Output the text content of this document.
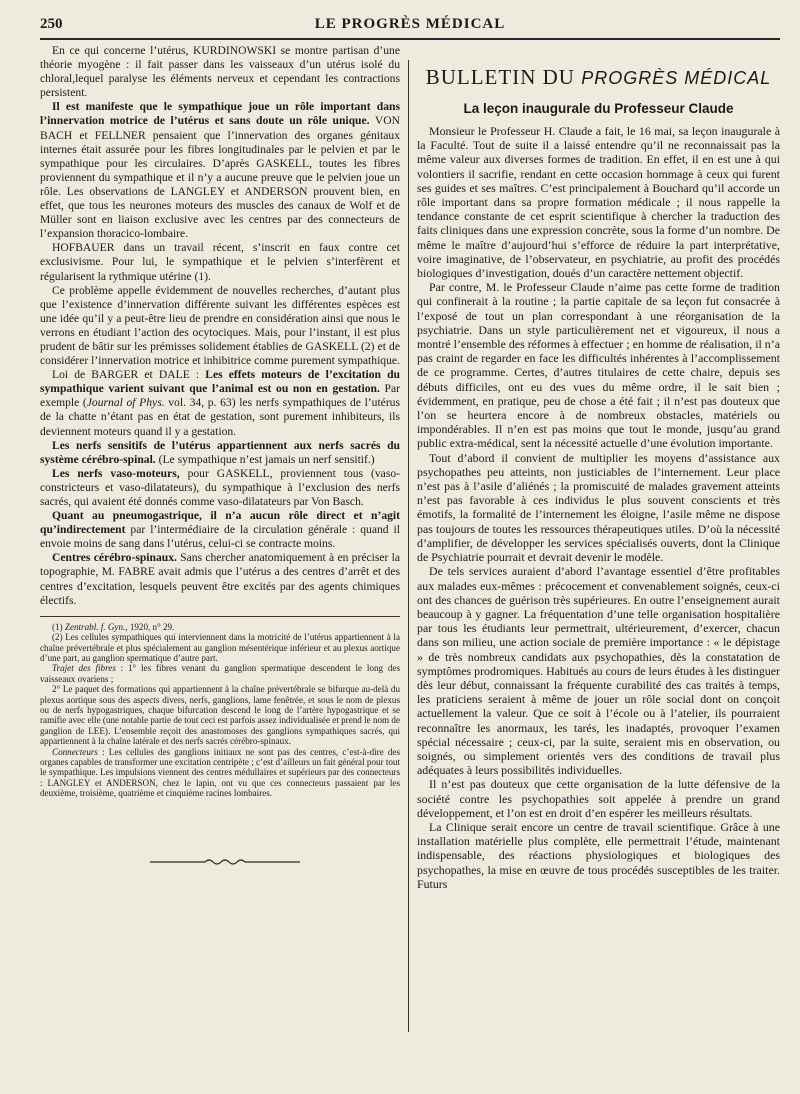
250	LE PROGRÈS MÉDICAL

En ce qui concerne l’utérus, KURDINOWSKI se montre partisan d’une théorie myogène : il fait passer dans les vaisseaux d’un utérus isolé du chloral,lequel paralyse les éléments nerveux et cependant les contractions persistent.

Il est manifeste que le sympathique joue un rôle important dans l’innervation motrice de l’utérus et sans doute un rôle unique. VON BACH et FELLNER pensaient que l’innervation des organes génitaux internes était assurée pour les fibres longitudinales par le pelvien et par le sympathique pour les circulaires. D’après GASKELL, toutes les fibres proviennent du sympathique et il n’y a aucune preuve que le pelvien joue un rôle. Les observations de LANGLEY et ANDERSON prouvent bien, en effet, que tous les neurones moteurs des muscles des canaux de Wolf et de Müller sont en liaison exclusive avec les centres par des connecteurs de l’expansion thoracico-lombaire.

HOFBAUER dans un travail récent, s’inscrit en faux contre cet exclusivisme. Pour lui, le sympathique et le pelvien s’interfèrent et régularisent la rythmique utérine (1).

Ce problème appelle évidemment de nouvelles recherches, d’autant plus que l’existence d’innervation différente suivant les différentes espèces est une idée qu’il y a peut-être lieu de prendre en considération ainsi que nous le verrons en étudiant l’action des ocytociques. Mais, pour l’instant, il est plus prudent de bâtir sur les prémisses solidement établies de GASKELL (2) et de considérer l’innervation motrice et inhibitrice comme purement sympathique.

Loi de BARGER et DALE : Les effets moteurs de l’excitation du sympathique varient suivant que l’animal est ou non en gestation. Par exemple (Journal of Phys. vol. 34, p. 63) les nerfs sympathiques de l’utérus de la chatte n’étant pas en état de gestation, sont purement inhibiteurs, ils deviennent moteurs quand il y a gestation.

Les nerfs sensitifs de l’utérus appartiennent aux nerfs sacrés du système cérébro-spinal. (Le sympathique n’est jamais un nerf sensitif.)

Les nerfs vaso-moteurs, pour GASKELL, proviennent tous (vaso-constricteurs et vaso-dilatateurs), du sympathique à l’exclusion des nerfs sacrés, qui avaient été donnés comme vaso-dilatateurs par Von Basch.

Quant au pneumogastrique, il n’a aucun rôle direct et n’agit qu’indirectement par l’intermédiaire de la circulation générale : quand il envoie moins de sang dans l’utérus, celui-ci se contracte moins.

Centres cérébro-spinaux. Sans chercher anatomiquement à en préciser la topographie, M. FABRE avait admis que l’utérus a des centres d’arrêt et des centres d’excitation, lesquels peuvent être excités par des agents chimiques électifs.

(1) Zentrabl. f. Gyn., 1920, n° 29.

(2) Les cellules sympathiques qui interviennent dans la motricité de l’utérus appartiennent à la chaîne prévertébrale et plus spécialement au ganglion mésentérique inférieur et au plexus aortique d’une part, au ganglion spermatique d’autre part.

Trajet des fibres : 1° les fibres venant du ganglion spermatique descendent le long des vaisseaux ovariens ;

2° Le paquet des formations qui appartiennent à la chaîne prévertébrale se bifurque au-delà du plexus aortique sous des aspects divers, nerfs, ganglions, lame fenêtrée, et sous le nom de plexus ou de nerfs hypogastriques, chaque bifurcation descend le long de l’artère hypogastrique et se ramifie avec elle (une notable partie de tout ceci est parfois assez individualisée et prend le nom de ganglion de LEE). L’ensemble reçoit des anastomoses des ganglions sympathiques sacrés, qui appartiennent à la chaîne latérale et des nerfs sacrés cérébro-spinaux.

Connecteurs : Les cellules des ganglions initiaux ne sont pas des centres, c’est-à-dire des organes capables de transformer une excitation centripète ; c’est d’ailleurs un fait général pour tout le sympathique. Les impulsions viennent des centres médullaires et supérieurs par des connecteurs : LANGLEY et ANDERSON, chez le lapin, ont vu que ces connecteurs passaient par les deuxième, troisième, quatrième et cinquième racines lombaires.

BULLETIN DU PROGRÈS MÉDICAL
La leçon inaugurale du Professeur Claude

Monsieur le Professeur H. Claude a fait, le 16 mai, sa leçon inaugurale à la Faculté. Tout de suite il a laissé entendre qu’il ne reconnaissait pas la même valeur aux diverses formes de tradition. En effet, il en est une à qui volontiers il sacrifie, rendant en cette occasion hommage à ceux qui furent ses guides et ses maîtres. C’est principalement à Bouchard qu’il accorde un rôle important dans sa propre formation médicale ; il nous rappelle la tendance constante de cet esprit scientifique à chercher la traduction des faits cliniques dans une expression concrète, sous la forme d’un nombre. De même le maître d’aujourd’hui s’efforce de réduire la part interprétative, voire imaginative, de l’observateur, en psychiatrie, au profit des procédés biologiques d’investigation, doués d’un caractère nettement objectif.

Par contre, M. le Professeur Claude n’aime pas cette forme de tradition qui confinerait à la routine ; la partie capitale de sa leçon fut consacrée à l’exposé de tout un plan correspondant à une réorganisation de la psychiatrie. Dans un style particulièrement net et vigoureux, il nous a montré l’ensemble des réformes à effectuer ; en homme de réalisation, il n’a pas craint de regarder en face les difficultés inhérentes à l’accomplissement de ce programme. Certes, d’autres titulaires de cette chaire, depuis ses débuts difficiles, ont eu des vues du même ordre, il le sait bien ; évidemment, en pratique, peu de chose a été fait ; il n’est pas douteux que l’on se heurtera encore à de nombreux obstacles, matériels ou impondérables. Il n’en est pas moins que tout le monde, jusqu’au grand public extra-médical, sent la nécessité actuelle d’une évolution importante.

Tout d’abord il convient de multiplier les moyens d’assistance aux psychopathes peu atteints, non justiciables de l’internement. Leur place n’est pas à l’asile d’aliénés ; la promiscuité de malades gravement atteints n’est pas favorable à ces individus le plus souvent conscients et très émotifs, la formalité de l’internement les éloigne, l’asile même ne dispose pas toujours de toutes les ressources thérapeutiques utiles. D’où la nécessité d’amplifier, de développer les services spécialisés ouverts, dont la Clinique de Psychiatrie pourrait et devrait devenir le modèle.

De tels services auraient d’abord l’avantage essentiel d’être profitables aux malades eux-mêmes : précocement et convenablement soignés, ceux-ci ont des chances de guérison très supérieures. En outre l’enseignement aurait beaucoup à y gagner. La fréquentation d’une telle organisation hospitalière par tous les étudiants leur permettrait, ultérieurement, d’exercer, chacun dans son milieu, une action sociale de première importance : « le dépistage » de très nombreux candidats aux psychopathies, dès la constatation de symptômes prodromiques. Habitués au cours de leurs études à les distinguer dès leur début, connaissant la fréquente curabilité des cas traités à temps, les praticiens seraient à même de jouer un rôle social dont on conçoit actuellement la valeur. Que ce soit à l’école ou à l’atelier, ils pourraient reconnaître les anormaux, les tarés, les inadaptés, provoquer l’examen spécial nécessaire ; ceux-ci, par la suite, seraient mis en observation, ou soignés, ou simplement orientés vers des conditions de travail plus adéquates à leurs possibilités individuelles.

Il n’est pas douteux que cette organisation de la lutte défensive de la société contre les psychopathies soit appelée à prendre un grand développement, et l’on est en droit d’en espérer les meilleurs résultats.

La Clinique serait encore un centre de travail scientifique. Grâce à une installation matérielle plus complète, elle permettrait l’étude, maintenant indispensable, des réactions physiologiques et biologiques des psychopathes, la mise en œuvre de tous procédés susceptibles de les traiter. Futurs
